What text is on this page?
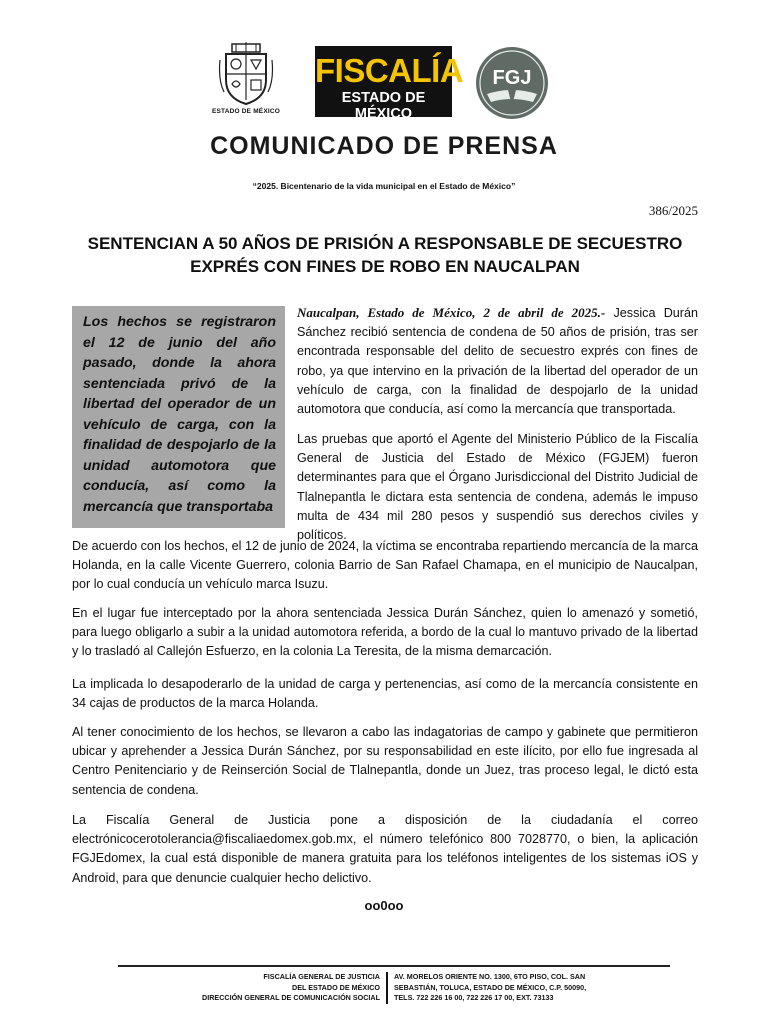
ESTADO DE MÉXICO
FISCALÍA
ESTADO DE MÉXICO
FGJ
COMUNICADO DE PRENSA
“2025. Bicentenario de la vida municipal en el Estado de México”
386/2025
SENTENCIAN A 50 AÑOS DE PRISIÓN A RESPONSABLE DE SECUESTRO EXPRÉS CON FINES DE ROBO EN NAUCALPAN

Los hechos se registraron el 12 de junio del año pasado, donde la ahora sentenciada privó de la libertad del operador de un vehículo de carga, con la finalidad de despojarlo de la unidad automotora que conducía, así como la mercancía que transportaba

Naucalpan, Estado de México, 2 de abril de 2025.- Jessica Durán Sánchez recibió sentencia de condena de 50 años de prisión, tras ser encontrada responsable del delito de secuestro exprés con fines de robo, ya que intervino en la privación de la libertad del operador de un vehículo de carga, con la finalidad de despojarlo de la unidad automotora que conducía, así como la mercancía que transportada.

Las pruebas que aportó el Agente del Ministerio Público de la Fiscalía General de Justicia del Estado de México (FGJEM) fueron determinantes para que el Órgano Jurisdiccional del Distrito Judicial de Tlalnepantla le dictara esta sentencia de condena, además le impuso multa de 434 mil 280 pesos y suspendió sus derechos civiles y políticos.

De acuerdo con los hechos, el 12 de junio de 2024, la víctima se encontraba repartiendo mercancía de la marca Holanda, en la calle Vicente Guerrero, colonia Barrio de San Rafael Chamapa, en el municipio de Naucalpan, por lo cual conducía un vehículo marca Isuzu.

En el lugar fue interceptado por la ahora sentenciada Jessica Durán Sánchez, quien lo amenazó y sometió, para luego obligarlo a subir a la unidad automotora referida, a bordo de la cual lo mantuvo privado de la libertad y lo trasladó al Callejón Esfuerzo, en la colonia La Teresita, de la misma demarcación.

La implicada lo desapoderarlo de la unidad de carga y pertenencias, así como de la mercancía consistente en 34 cajas de productos de la marca Holanda.

Al tener conocimiento de los hechos, se llevaron a cabo las indagatorias de campo y gabinete que permitieron ubicar y aprehender a Jessica Durán Sánchez, por su responsabilidad en este ilícito, por ello fue ingresada al Centro Penitenciario y de Reinserción Social de Tlalnepantla, donde un Juez, tras proceso legal, le dictó esta sentencia de condena.

La Fiscalía General de Justicia pone a disposición de la ciudadanía el correo electrónicocerotolerancia@fiscaliaedomex.gob.mx, el número telefónico 800 7028770, o bien, la aplicación FGJEdomex, la cual está disponible de manera gratuita para los teléfonos inteligentes de los sistemas iOS y Android, para que denuncie cualquier hecho delictivo.

oo0oo
FISCALÍA GENERAL DE JUSTICIA
DEL ESTADO DE MÉXICO
DIRECCIÓN GENERAL DE COMUNICACIÓN SOCIAL
AV. MORELOS ORIENTE NO. 1300, 6TO PISO, COL. SAN
SEBASTIÁN, TOLUCA, ESTADO DE MÉXICO, C.P. 50090,
TELS. 722 226 16 00, 722 226 17 00, EXT. 73133
